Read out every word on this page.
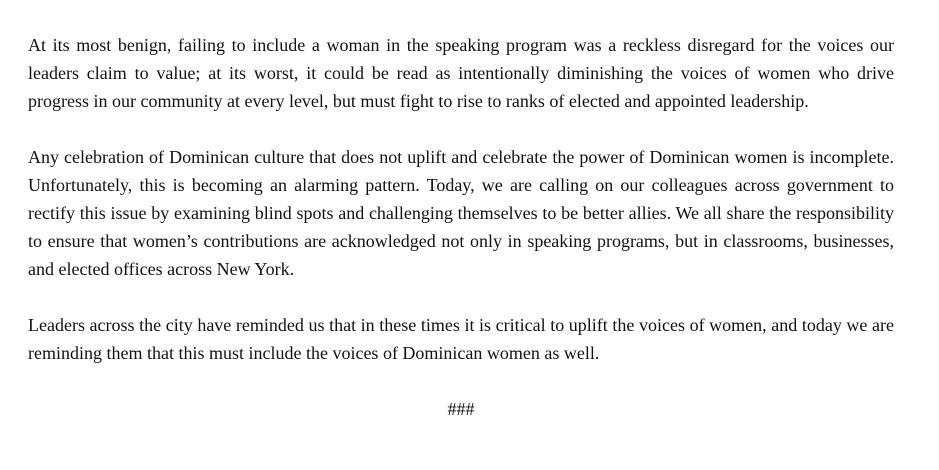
At its most benign, failing to include a woman in the speaking program was a reckless disregard for the voices our leaders claim to value; at its worst, it could be read as intentionally diminishing the voices of women who drive progress in our community at every level, but must fight to rise to ranks of elected and appointed leadership.

Any celebration of Dominican culture that does not uplift and celebrate the power of Dominican women is incomplete. Unfortunately, this is becoming an alarming pattern. Today, we are calling on our colleagues across government to rectify this issue by examining blind spots and challenging themselves to be better allies. We all share the responsibility to ensure that women’s contributions are acknowledged not only in speaking programs, but in classrooms, businesses, and elected offices across New York.

Leaders across the city have reminded us that in these times it is critical to uplift the voices of women, and today we are reminding them that this must include the voices of Dominican women as well.

###
